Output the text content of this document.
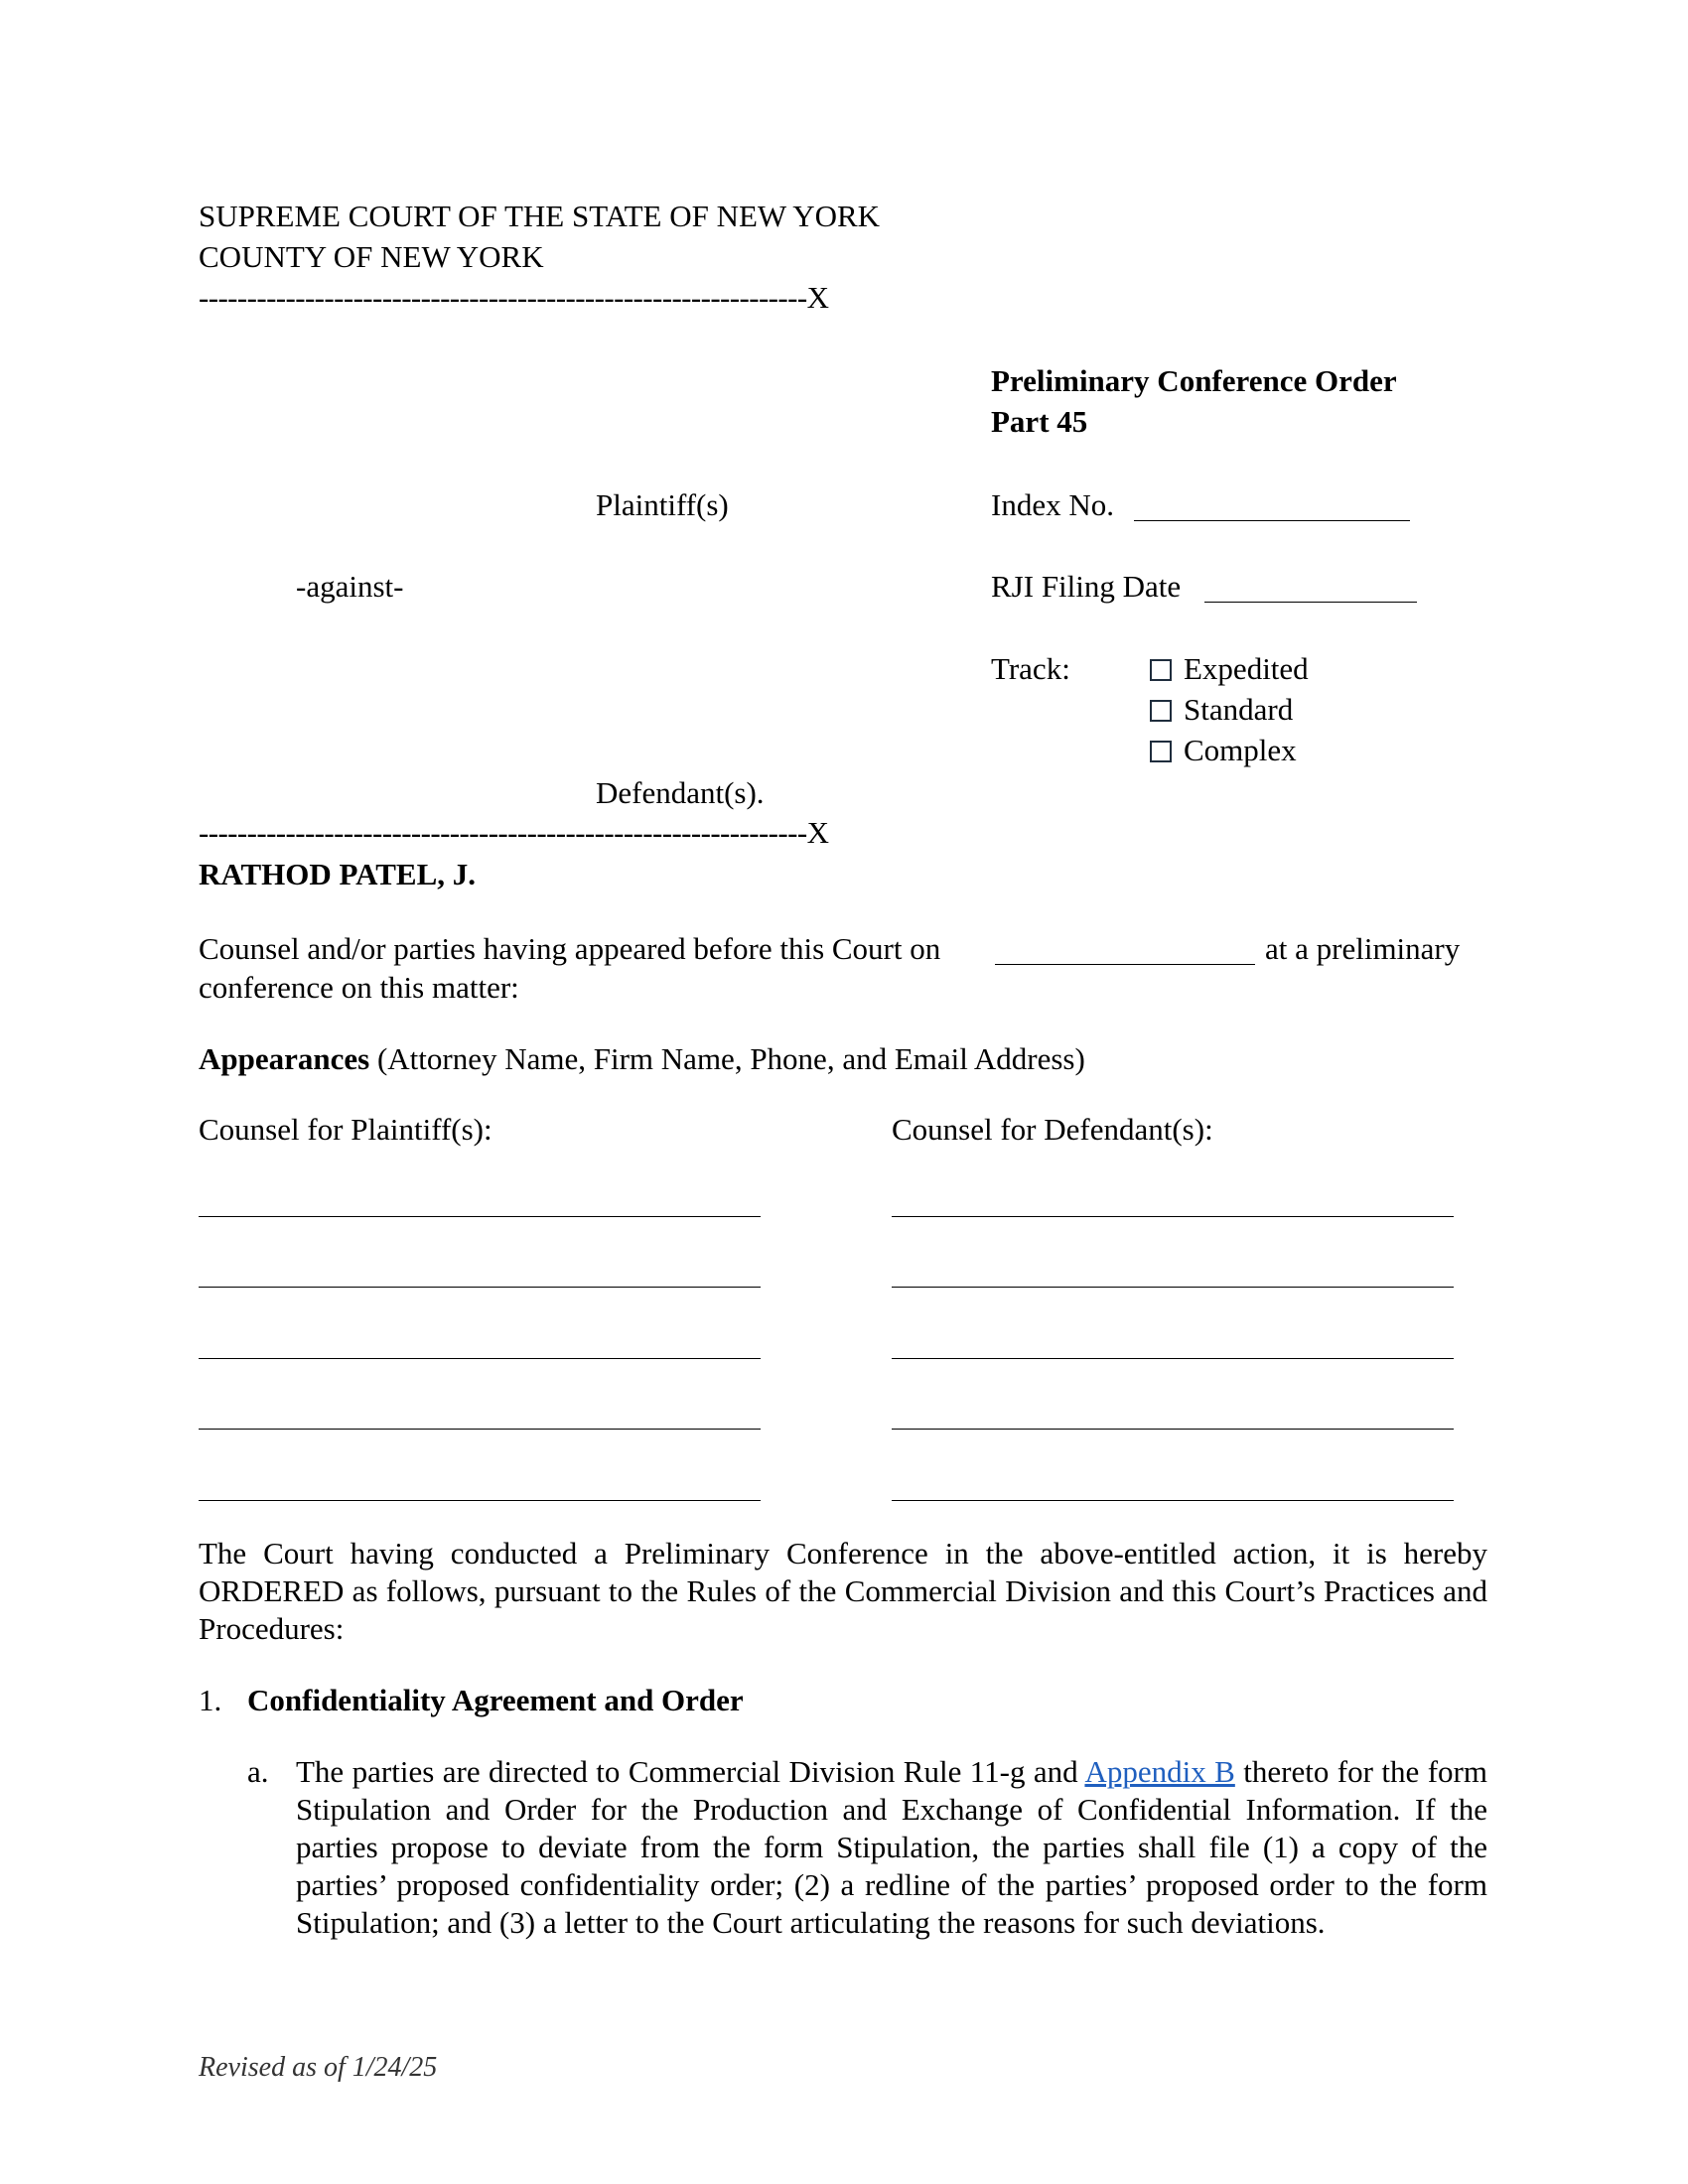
SUPREME COURT OF THE STATE OF NEW YORK
COUNTY OF NEW YORK
---------------------------------------------------------------X
Preliminary Conference Order
Part 45
Plaintiff(s)	Index No.
-against-	RJI Filing Date
Track:	Expedited
Standard
Complex
Defendant(s).
---------------------------------------------------------------X
RATHOD PATEL, J.
Counsel and/or parties having appeared before this Court on	at a preliminary
conference on this matter:
Appearances (Attorney Name, Firm Name, Phone, and Email Address)
Counsel for Plaintiff(s):	Counsel for Defendant(s):
The Court having conducted a Preliminary Conference in the above-entitled action, it is hereby ORDERED as follows, pursuant to the Rules of the Commercial Division and this Court’s Practices and Procedures:
1. Confidentiality Agreement and Order
a. The parties are directed to Commercial Division Rule 11-g and Appendix B thereto for the form Stipulation and Order for the Production and Exchange of Confidential Information. If the parties propose to deviate from the form Stipulation, the parties shall file (1) a copy of the parties’ proposed confidentiality order; (2) a redline of the parties’ proposed order to the form Stipulation; and (3) a letter to the Court articulating the reasons for such deviations.
Revised as of 1/24/25
